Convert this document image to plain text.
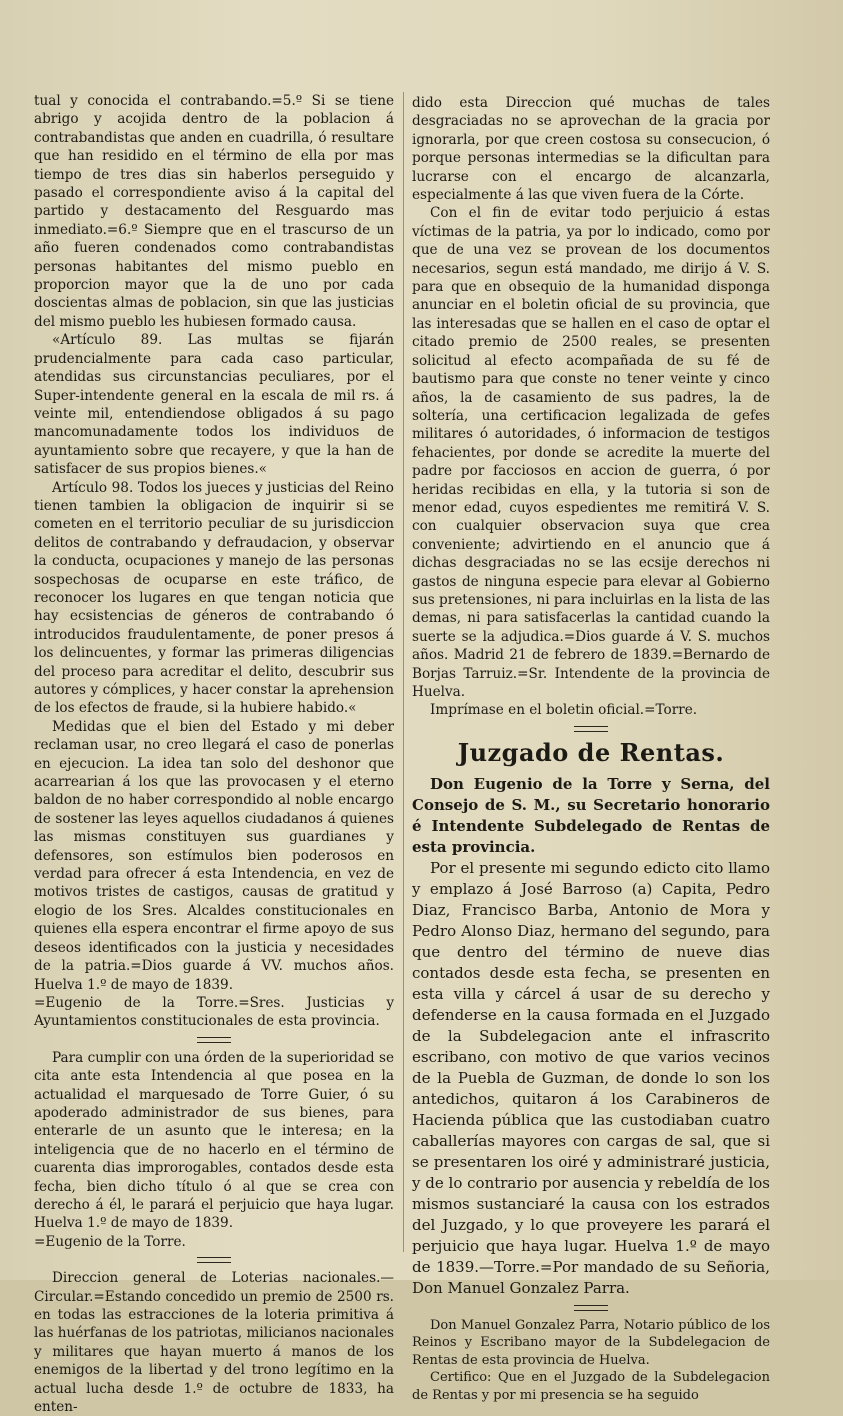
tual y conocida el contrabando.=5.º Si se tiene abrigo y acojida dentro de la poblacion á contrabandistas que anden en cuadrilla, ó resultare que han residido en el término de ella por mas tiempo de tres dias sin haberlos perseguido y pasado el correspondiente aviso á la capital del partido y destacamento del Resguardo mas inmediato.=6.º Siempre que en el trascurso de un año fueren condenados como contrabandistas personas habitantes del mismo pueblo en proporcion mayor que la de uno por cada doscientas almas de poblacion, sin que las justicias del mismo pueblo les hubiesen formado causa.

«Artículo 89. Las multas se fijarán prudencialmente para cada caso particular, atendidas sus circunstancias peculiares, por el Super-intendente general en la escala de mil rs. á veinte mil, entendiendose obligados á su pago mancomunadamente todos los individuos de ayuntamiento sobre que recayere, y que la han de satisfacer de sus propios bienes.«

Artículo 98. Todos los jueces y justicias del Reino tienen tambien la obligacion de inquirir si se cometen en el territorio peculiar de su jurisdiccion delitos de contrabando y defraudacion, y observar la conducta, ocupaciones y manejo de las personas sospechosas de ocuparse en este tráfico, de reconocer los lugares en que tengan noticia que hay ecsistencias de géneros de contrabando ó introducidos fraudulentamente, de poner presos á los delincuentes, y formar las primeras diligencias del proceso para acreditar el delito, descubrir sus autores y cómplices, y hacer constar la aprehension de los efectos de fraude, si la hubiere habido.«

Medidas que el bien del Estado y mi deber reclaman usar, no creo llegará el caso de ponerlas en ejecucion. La idea tan solo del deshonor que acarrearian á los que las provocasen y el eterno baldon de no haber correspondido al noble encargo de sostener las leyes aquellos ciudadanos á quienes las mismas constituyen sus guardianes y defensores, son estímulos bien poderosos en verdad para ofrecer á esta Intendencia, en vez de motivos tristes de castigos, causas de gratitud y elogio de los Sres. Alcaldes constitucionales en quienes ella espera encontrar el firme apoyo de sus deseos identificados con la justicia y necesidades de la patria.=Dios guarde á VV. muchos años. Huelva 1.º de mayo de 1839.

=Eugenio de la Torre.=Sres. Justicias y Ayuntamientos constitucionales de esta provincia.

Para cumplir con una órden de la superioridad se cita ante esta Intendencia al que posea en la actualidad el marquesado de Torre Guier, ó su apoderado administrador de sus bienes, para enterarle de un asunto que le interesa; en la inteligencia que de no hacerlo en el término de cuarenta dias improrogables, contados desde esta fecha, bien dicho título ó al que se crea con derecho á él, le parará el perjuicio que haya lugar. Huelva 1.º de mayo de 1839.

=Eugenio de la Torre.

Direccion general de Loterias nacionales.—Circular.=Estando concedido un premio de 2500 rs. en todas las estracciones de la loteria primitiva á las huérfanas de los patriotas, milicianos nacionales y militares que hayan muerto á manos de los enemigos de la libertad y del trono legítimo en la actual lucha desde 1.º de octubre de 1833, ha enten-

dido esta Direccion qué muchas de tales desgraciadas no se aprovechan de la gracia por ignorarla, por que creen costosa su consecucion, ó porque personas intermedias se la dificultan para lucrarse con el encargo de alcanzarla, especialmente á las que viven fuera de la Córte.

Con el fin de evitar todo perjuicio á estas víctimas de la patria, ya por lo indicado, como por que de una vez se provean de los documentos necesarios, segun está mandado, me dirijo á V. S. para que en obsequio de la humanidad disponga anunciar en el boletin oficial de su provincia, que las interesadas que se hallen en el caso de optar el citado premio de 2500 reales, se presenten solicitud al efecto acompañada de su fé de bautismo para que conste no tener veinte y cinco años, la de casamiento de sus padres, la de soltería, una certificacion legalizada de gefes militares ó autoridades, ó informacion de testigos fehacientes, por donde se acredite la muerte del padre por facciosos en accion de guerra, ó por heridas recibidas en ella, y la tutoria si son de menor edad, cuyos espedientes me remitirá V. S. con cualquier observacion suya que crea conveniente; advirtiendo en el anuncio que á dichas desgraciadas no se las ecsije derechos ni gastos de ninguna especie para elevar al Gobierno sus pretensiones, ni para incluirlas en la lista de las demas, ni para satisfacerlas la cantidad cuando la suerte se la adjudica.=Dios guarde á V. S. muchos años. Madrid 21 de febrero de 1839.=Bernardo de Borjas Tarruiz.=Sr. Intendente de la provincia de Huelva.

Imprímase en el boletin oficial.=Torre.

Juzgado de Rentas.

Don Eugenio de la Torre y Serna, del Consejo de S. M., su Secretario honorario é Intendente Subdelegado de Rentas de esta provincia.

Por el presente mi segundo edicto cito llamo y emplazo á José Barroso (a) Capita, Pedro Diaz, Francisco Barba, Antonio de Mora y Pedro Alonso Diaz, hermano del segundo, para que dentro del término de nueve dias contados desde esta fecha, se presenten en esta villa y cárcel á usar de su derecho y defenderse en la causa formada en el Juzgado de la Subdelegacion ante el infrascrito escribano, con motivo de que varios vecinos de la Puebla de Guzman, de donde lo son los antedichos, quitaron á los Carabineros de Hacienda pública que las custodiaban cuatro caballerías mayores con cargas de sal, que si se presentaren los oiré y administraré justicia, y de lo contrario por ausencia y rebeldía de los mismos sustanciaré la causa con los estrados del Juzgado, y lo que proveyere les parará el perjuicio que haya lugar. Huelva 1.º de mayo de 1839.—Torre.=Por mandado de su Señoria, Don Manuel Gonzalez Parra.

Don Manuel Gonzalez Parra, Notario público de los Reinos y Escribano mayor de la Subdelegacion de Rentas de esta provincia de Huelva.

Certifico: Que en el Juzgado de la Subdelegacion de Rentas y por mi presencia se ha seguido
